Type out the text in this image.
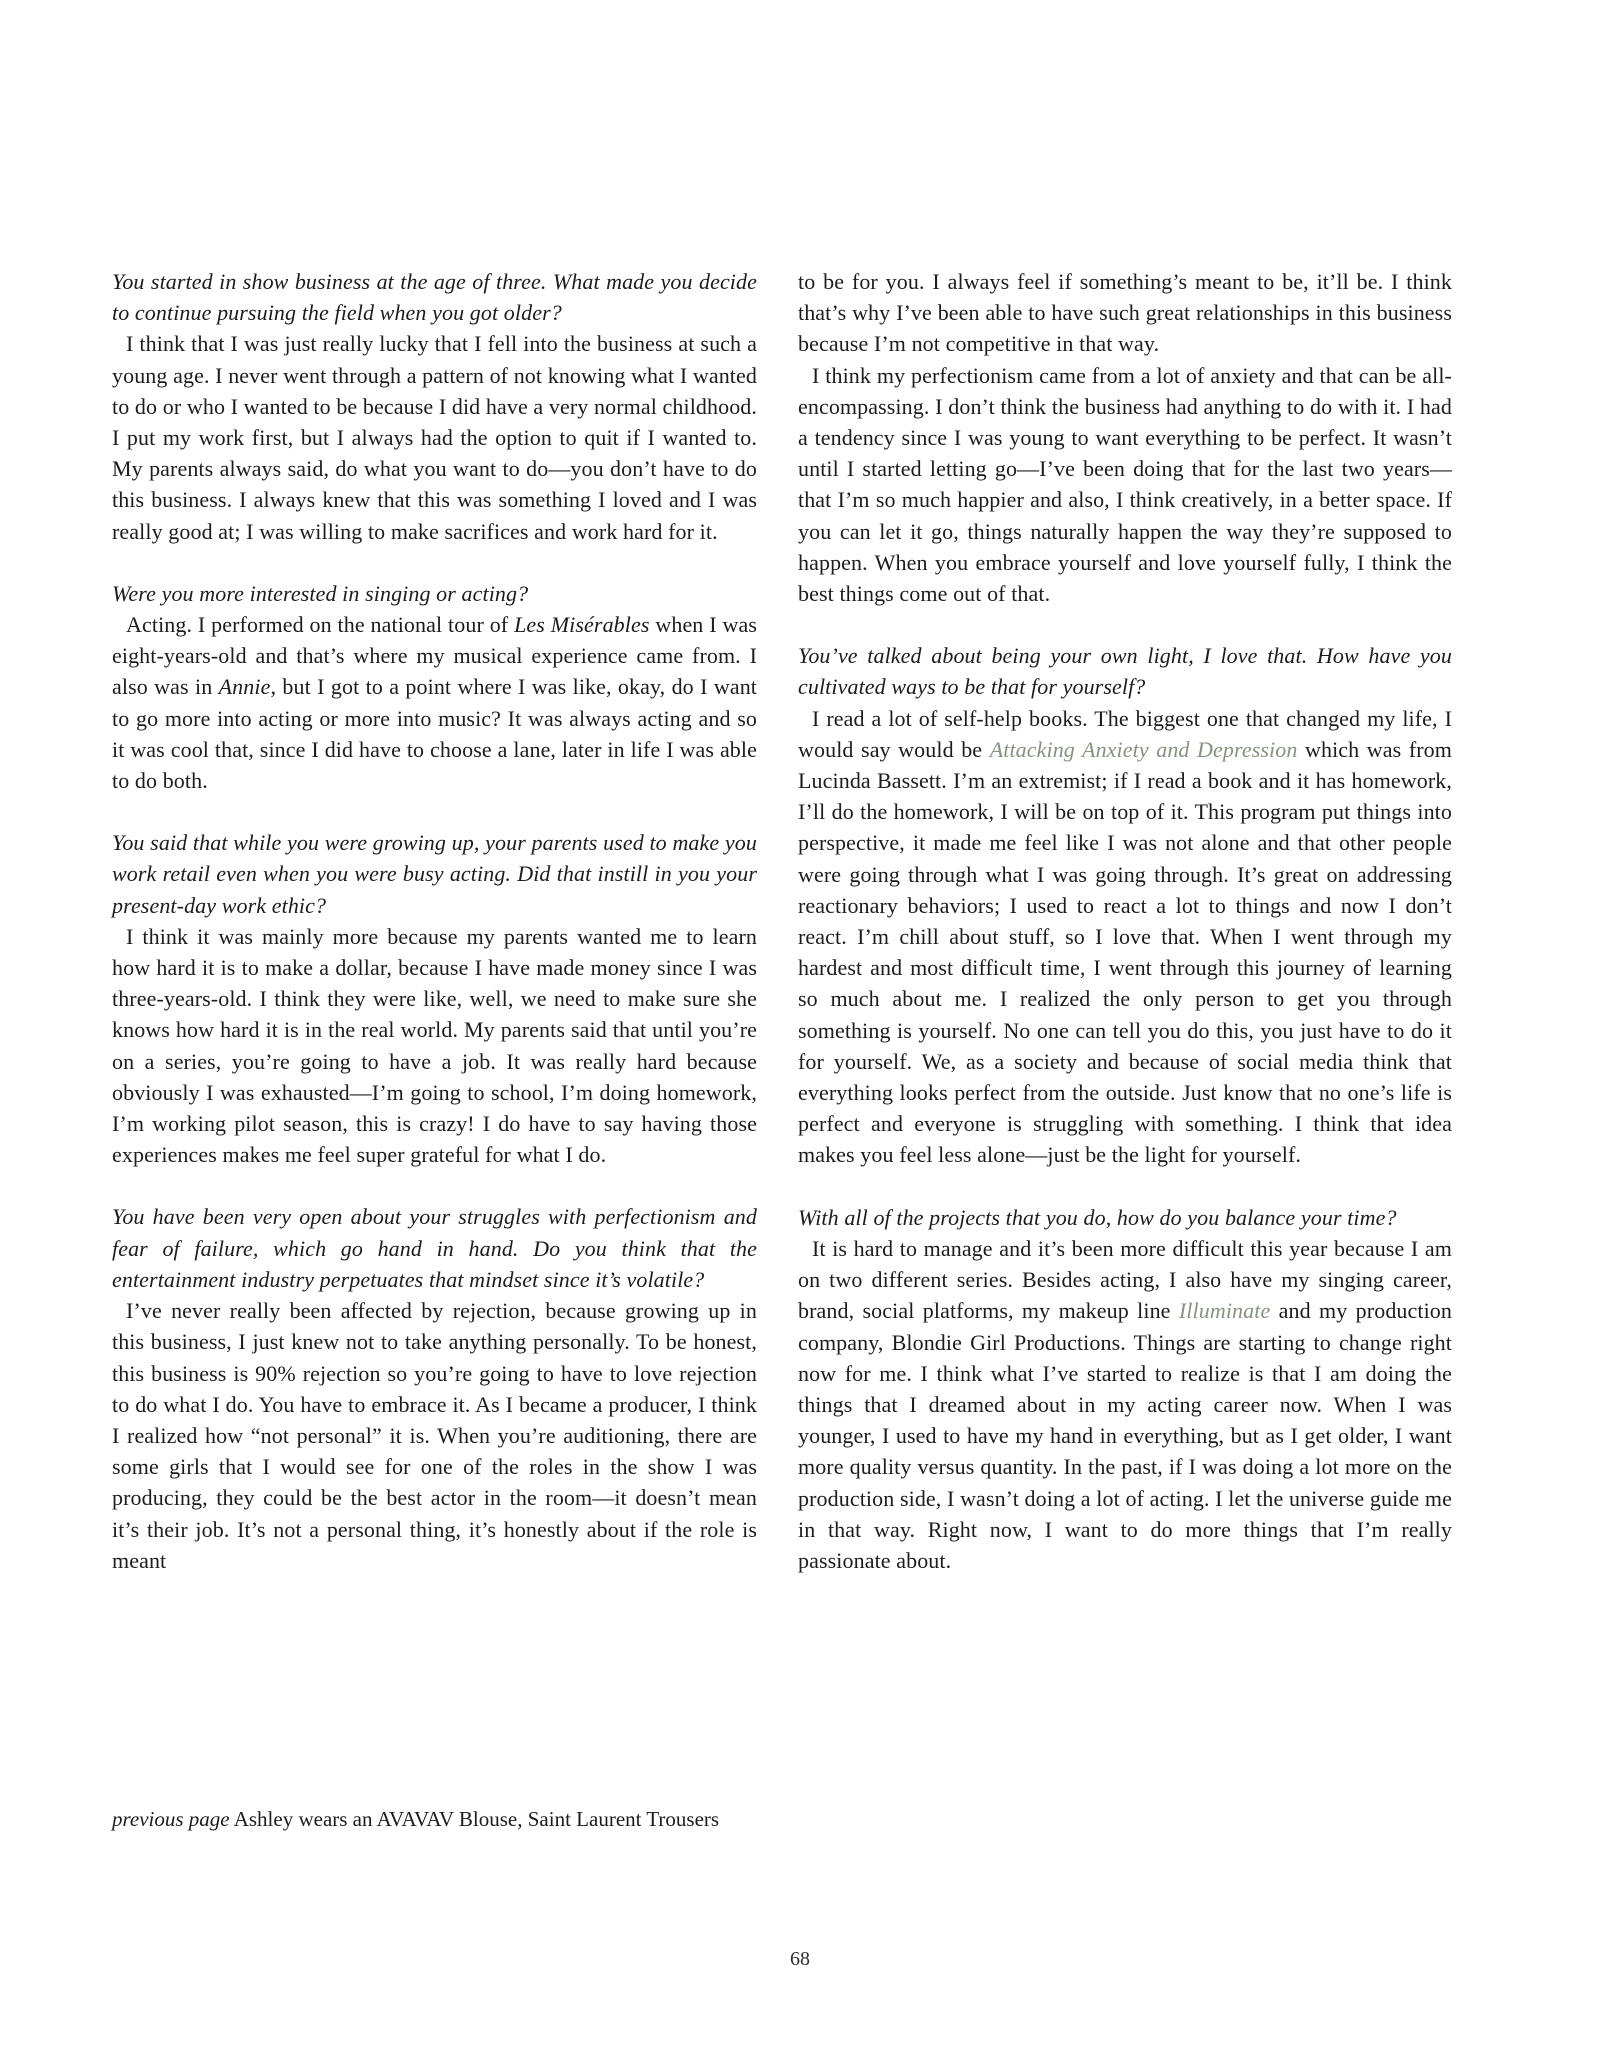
You started in show business at the age of three. What made you decide to continue pursuing the field when you got older?

I think that I was just really lucky that I fell into the business at such a young age. I never went through a pattern of not knowing what I wanted to do or who I wanted to be because I did have a very normal childhood. I put my work first, but I always had the option to quit if I wanted to. My parents always said, do what you want to do—you don’t have to do this business. I always knew that this was something I loved and I was really good at; I was willing to make sacrifices and work hard for it.

Were you more interested in singing or acting?

Acting. I performed on the national tour of Les Misérables when I was eight-years-old and that’s where my musical experience came from. I also was in Annie, but I got to a point where I was like, okay, do I want to go more into acting or more into music? It was always acting and so it was cool that, since I did have to choose a lane, later in life I was able to do both.

You said that while you were growing up, your parents used to make you work retail even when you were busy acting. Did that instill in you your present-day work ethic?

I think it was mainly more because my parents wanted me to learn how hard it is to make a dollar, because I have made money since I was three-years-old. I think they were like, well, we need to make sure she knows how hard it is in the real world. My parents said that until you’re on a series, you’re going to have a job. It was really hard because obviously I was exhausted—I’m going to school, I’m doing homework, I’m working pilot season, this is crazy! I do have to say having those experiences makes me feel super grateful for what I do.

You have been very open about your struggles with perfectionism and fear of failure, which go hand in hand. Do you think that the entertainment industry perpetuates that mindset since it’s volatile?

I’ve never really been affected by rejection, because growing up in this business, I just knew not to take anything personally. To be honest, this business is 90% rejection so you’re going to have to love rejection to do what I do. You have to embrace it. As I became a producer, I think I realized how “not personal” it is. When you’re auditioning, there are some girls that I would see for one of the roles in the show I was producing, they could be the best actor in the room—it doesn’t mean it’s their job. It’s not a personal thing, it’s honestly about if the role is meant

to be for you. I always feel if something’s meant to be, it’ll be. I think that’s why I’ve been able to have such great relationships in this business because I’m not competitive in that way.

I think my perfectionism came from a lot of anxiety and that can be all-encompassing. I don’t think the business had anything to do with it. I had a tendency since I was young to want everything to be perfect. It wasn’t until I started letting go—I’ve been doing that for the last two years—that I’m so much happier and also, I think creatively, in a better space. If you can let it go, things naturally happen the way they’re supposed to happen. When you embrace yourself and love yourself fully, I think the best things come out of that.

You’ve talked about being your own light, I love that. How have you cultivated ways to be that for yourself?

I read a lot of self-help books. The biggest one that changed my life, I would say would be Attacking Anxiety and Depression which was from Lucinda Bassett. I’m an extremist; if I read a book and it has homework, I’ll do the homework, I will be on top of it. This program put things into perspective, it made me feel like I was not alone and that other people were going through what I was going through. It’s great on addressing reactionary behaviors; I used to react a lot to things and now I don’t react. I’m chill about stuff, so I love that. When I went through my hardest and most difficult time, I went through this journey of learning so much about me. I realized the only person to get you through something is yourself. No one can tell you do this, you just have to do it for yourself. We, as a society and because of social media think that everything looks perfect from the outside. Just know that no one’s life is perfect and everyone is struggling with something. I think that idea makes you feel less alone—just be the light for yourself.

With all of the projects that you do, how do you balance your time?

It is hard to manage and it’s been more difficult this year because I am on two different series. Besides acting, I also have my singing career, brand, social platforms, my makeup line Illuminate and my production company, Blondie Girl Productions. Things are starting to change right now for me. I think what I’ve started to realize is that I am doing the things that I dreamed about in my acting career now. When I was younger, I used to have my hand in everything, but as I get older, I want more quality versus quantity. In the past, if I was doing a lot more on the production side, I wasn’t doing a lot of acting. I let the universe guide me in that way. Right now, I want to do more things that I’m really passionate about.

previous page Ashley wears an AVAVAV Blouse, Saint Laurent Trousers
68
